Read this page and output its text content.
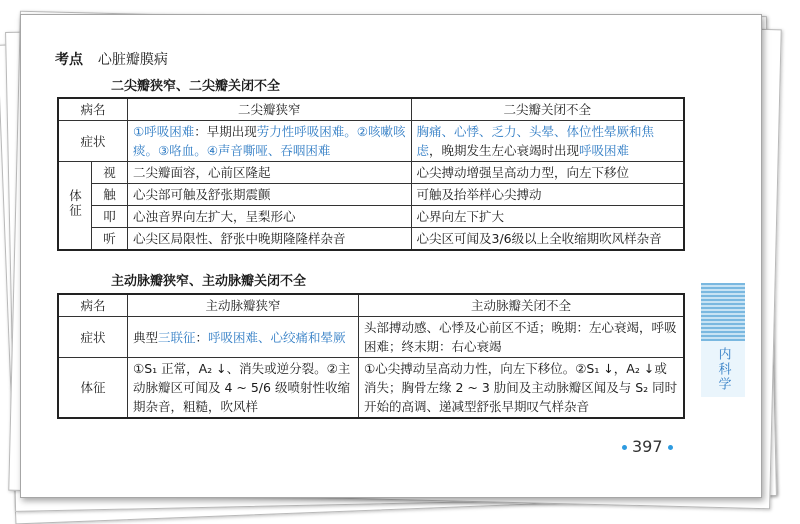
考点 心脏瓣膜病
二尖瓣狭窄、二尖瓣关闭不全
病名		二尖瓣狭窄	二尖瓣关闭不全
症状		①呼吸困难：早期出现劳力性呼吸困难。②咳嗽咳痰。③咯血。④声音嘶哑、吞咽困难	胸痛、心悸、乏力、头晕、体位性晕厥和焦虑，晚期发生左心衰竭时出现呼吸困难
体征	视	二尖瓣面容，心前区隆起	心尖搏动增强呈高动力型，向左下移位
	触	心尖部可触及舒张期震颤	可触及抬举样心尖搏动
	叩	心浊音界向左扩大，呈梨形心	心界向左下扩大
	听	心尖区局限性、舒张中晚期隆隆样杂音	心尖区可闻及3/6级以上全收缩期吹风样杂音
主动脉瓣狭窄、主动脉瓣关闭不全
病名	主动脉瓣狭窄	主动脉瓣关闭不全
症状	典型三联征：呼吸困难、心绞痛和晕厥	头部搏动感、心悸及心前区不适；晚期：左心衰竭，呼吸困难；终末期：右心衰竭
体征	①S₁ 正常，A₂ ↓、消失或逆分裂。②主动脉瓣区可闻及 4 ~ 5/6 级喷射性收缩期杂音，粗糙，吹风样	①心尖搏动呈高动力性，向左下移位。②S₁ ↓，A₂ ↓或消失；胸骨左缘 2 ~ 3 肋间及主动脉瓣区闻及与 S₂ 同时开始的高调、递减型舒张早期叹气样杂音
内科学
397
